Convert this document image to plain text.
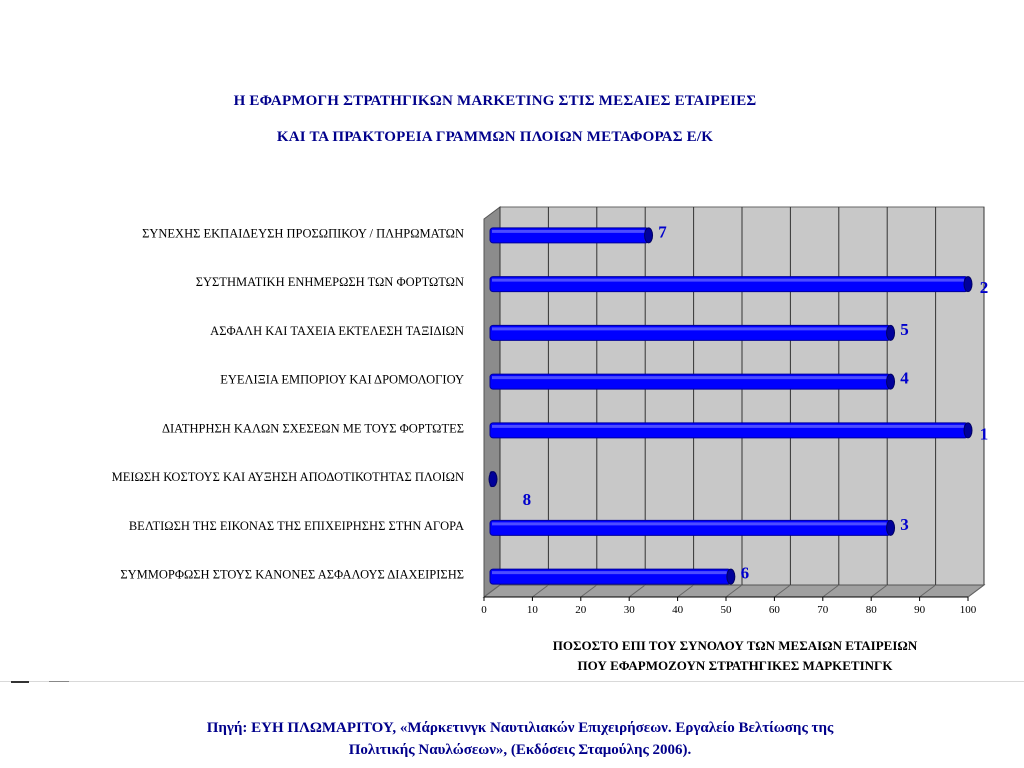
Η ΕΦΑΡΜΟΓΗ ΣΤΡΑΤΗΓΙΚΩΝ MARKETING ΣΤΙΣ ΜΕΣΑΙΕΣ ΕΤΑΙΡΕΙΕΣ
ΚΑΙ ΤΑ ΠΡΑΚΤΟΡΕΙΑ ΓΡΑΜΜΩΝ ΠΛΟΙΩΝ ΜΕΤΑΦΟΡΑΣ Ε/Κ
0	10	20	30	40	50	60	70	80	90	100
ΣΥΝΕΧΗΣ ΕΚΠΑΙΔΕΥΣΗ ΠΡΟΣΩΠΙΚΟΥ / ΠΛΗΡΩΜΑΤΩΝ	7
ΣΥΣΤΗΜΑΤΙΚΗ ΕΝΗΜΕΡΩΣΗ ΤΩΝ ΦΟΡΤΩΤΩΝ	2
ΑΣΦΑΛΗ ΚΑΙ ΤΑΧΕΙΑ ΕΚΤΕΛΕΣΗ ΤΑΞΙΔΙΩΝ	5
ΕΥΕΛΙΞΙΑ ΕΜΠΟΡΙΟΥ ΚΑΙ ΔΡΟΜΟΛΟΓΙΟΥ	4
ΔΙΑΤΗΡΗΣΗ ΚΑΛΩΝ ΣΧΕΣΕΩΝ ΜΕ ΤΟΥΣ ΦΟΡΤΩΤΕΣ	1
ΜΕΙΩΣΗ ΚΟΣΤΟΥΣ ΚΑΙ ΑΥΞΗΣΗ ΑΠΟΔΟΤΙΚΟΤΗΤΑΣ ΠΛΟΙΩΝ
8
ΒΕΛΤΙΩΣΗ ΤΗΣ ΕΙΚΟΝΑΣ ΤΗΣ ΕΠΙΧΕΙΡΗΣΗΣ ΣΤΗΝ ΑΓΟΡΑ	3
ΣΥΜΜΟΡΦΩΣΗ ΣΤΟΥΣ ΚΑΝΟΝΕΣ ΑΣΦΑΛΟΥΣ ΔΙΑΧΕΙΡΙΣΗΣ	6
ΠΟΣΟΣΤΟ ΕΠΙ ΤΟΥ ΣΥΝΟΛΟΥ ΤΩΝ ΜΕΣΑΙΩΝ ΕΤΑΙΡΕΙΩΝ
ΠΟΥ ΕΦΑΡΜΟΖΟΥΝ ΣΤΡΑΤΗΓΙΚΕΣ ΜΑΡΚΕΤΙΝΓΚ
Πηγή: ΕΥΗ ΠΛΩΜΑΡΙΤΟΥ, «Μάρκετινγκ Ναυτιλιακών Επιχειρήσεων. Εργαλείο Βελτίωσης της
Πολιτικής Ναυλώσεων», (Εκδόσεις Σταμούλης 2006).
